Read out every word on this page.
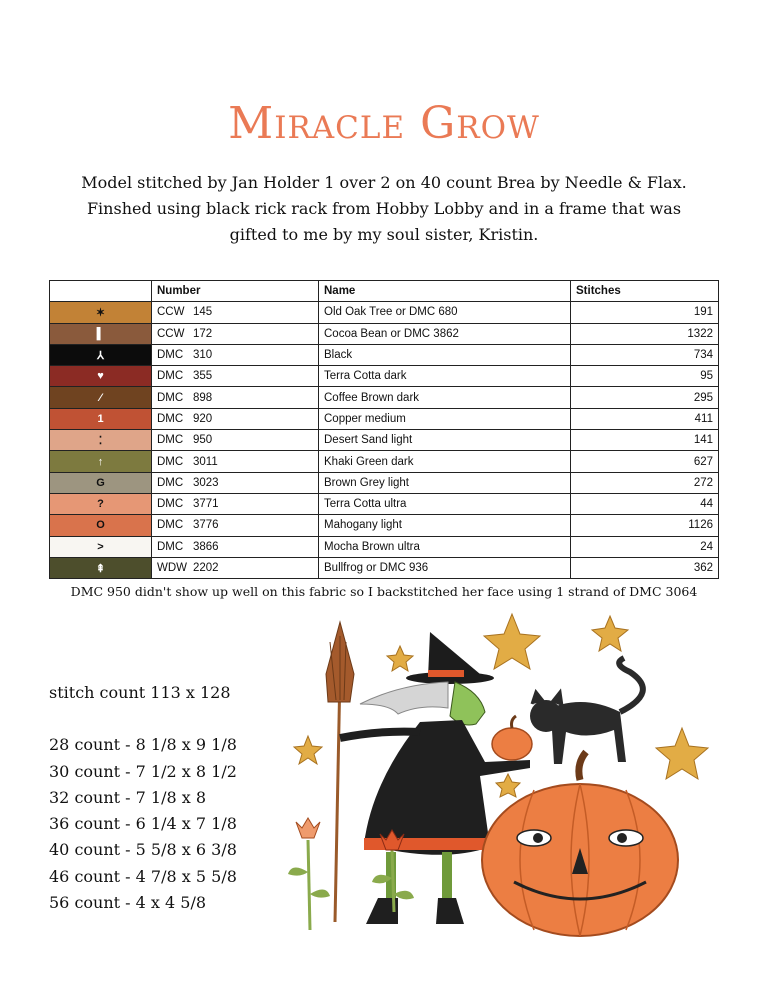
Miracle Grow
Model stitched by Jan Holder 1 over 2 on 40 count Brea by Needle & Flax.
Finshed using black rick rack from Hobby Lobby and in a frame that was
gifted to me by my soul sister, Kristin.
	Number	Name	Stitches
✶	CCW 145	Old Oak Tree or DMC 680	191
▌	CCW 172	Cocoa Bean or DMC 3862	1322
⅄	DMC 310	Black	734
♥	DMC 355	Terra Cotta dark	95
⁄	DMC 898	Coffee Brown dark	295
1	DMC 920	Copper medium	411
⁚	DMC 950	Desert Sand light	141
↑	DMC 3011	Khaki Green dark	627
G	DMC 3023	Brown Grey light	272
?	DMC 3771	Terra Cotta ultra	44
O	DMC 3776	Mahogany light	1126
>	DMC 3866	Mocha Brown ultra	24
⇞	WDW 2202	Bullfrog or DMC 936	362
DMC 950 didn't show up well on this fabric so I backstitched her face using 1 strand of DMC 3064
stitch count 113 x 128
28 count - 8 1/8 x 9 1/8
30 count - 7 1/2 x 8 1/2
32 count - 7 1/8 x 8
36 count - 6 1/4 x 7 1/8
40 count - 5 5/8 x 6 3/8
46 count - 4 7/8 x 5 5/8
56 count - 4 x 4 5/8
